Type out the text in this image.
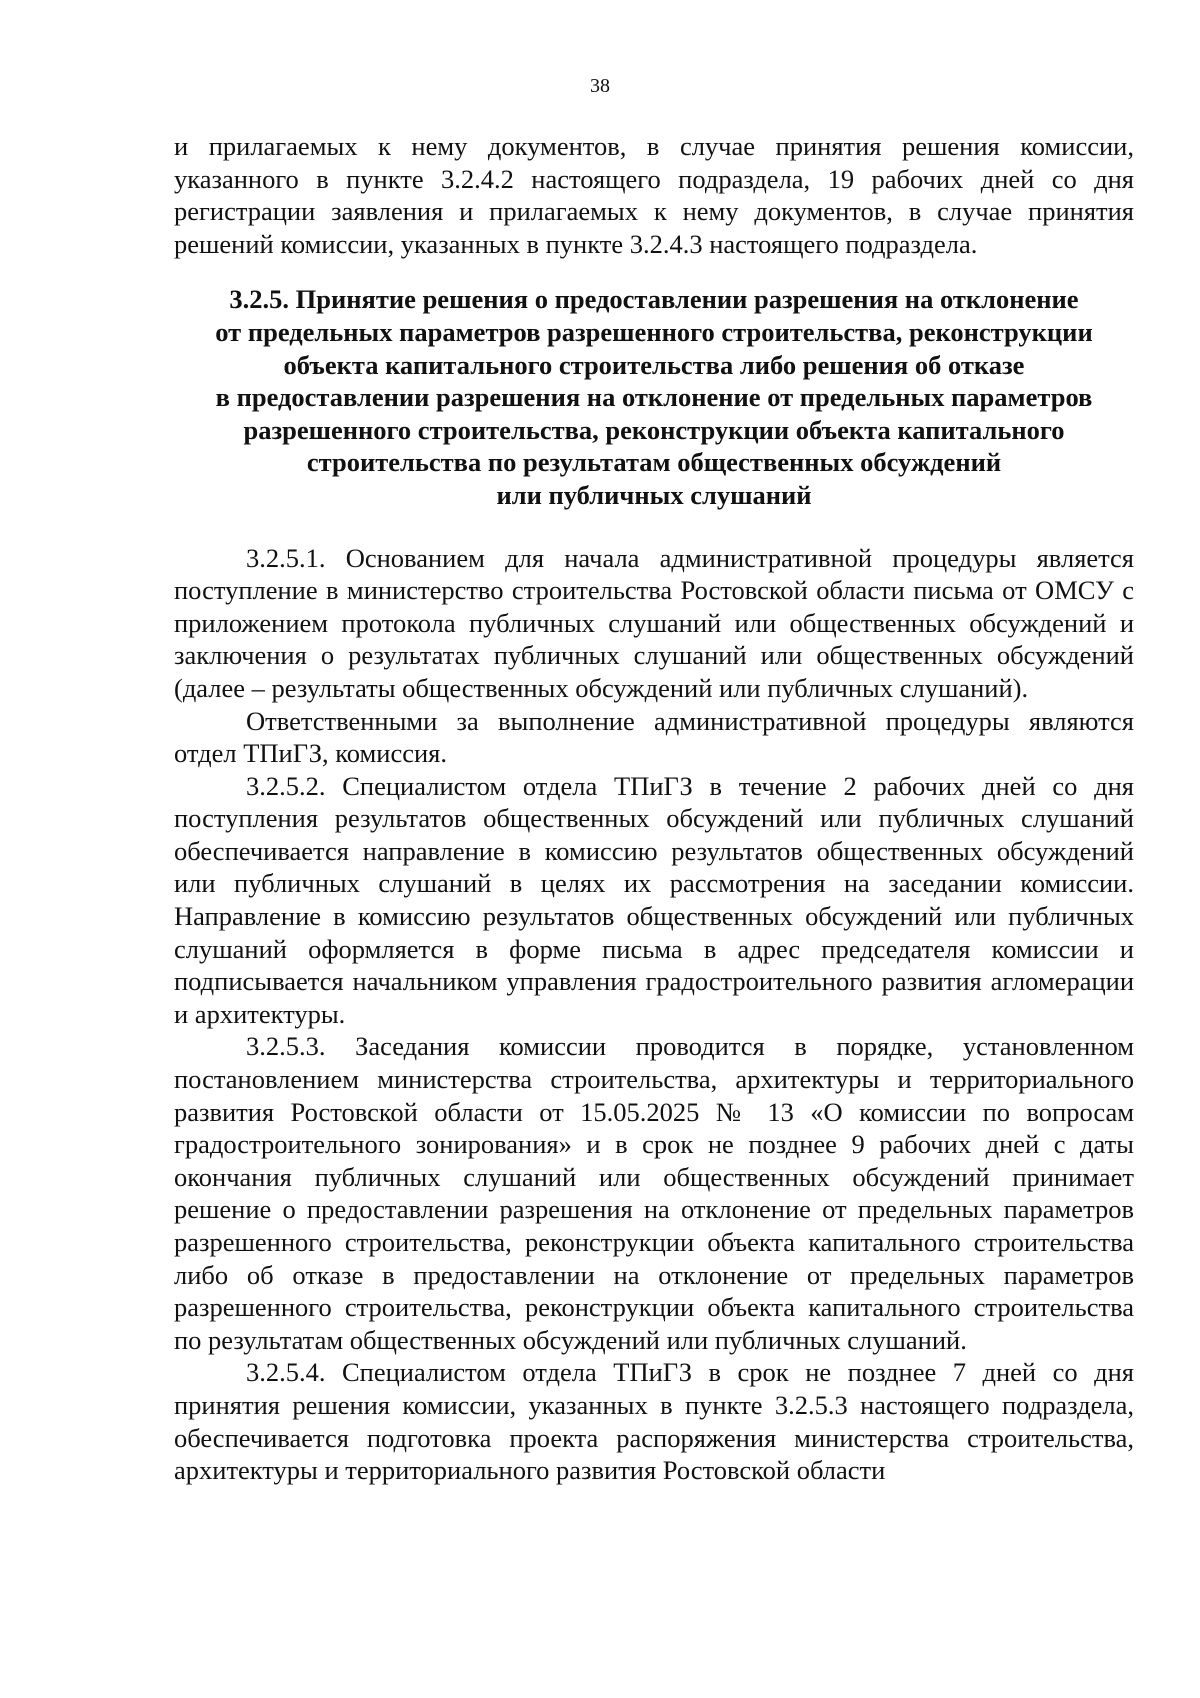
38

и прилагаемых к нему документов, в случае принятия решения комиссии, указанного в пункте 3.2.4.2 настоящего подраздела, 19 рабочих дней со дня регистрации заявления и прилагаемых к нему документов, в случае принятия решений комиссии, указанных в пункте 3.2.4.3 настоящего подраздела.

3.2.5. Принятие решения о предоставлении разрешения на отклонение
от предельных параметров разрешенного строительства, реконструкции
объекта капитального строительства либо решения об отказе
в предоставлении разрешения на отклонение от предельных параметров
разрешенного строительства, реконструкции объекта капитального
строительства по результатам общественных обсуждений
или публичных слушаний

3.2.5.1. Основанием для начала административной процедуры является поступление в министерство строительства Ростовской области письма от ОМСУ с приложением протокола публичных слушаний или общественных обсуждений и заключения о результатах публичных слушаний или общественных обсуждений (далее – результаты общественных обсуждений или публичных слушаний).

Ответственными за выполнение административной процедуры являются отдел ТПиГЗ, комиссия.

3.2.5.2. Специалистом отдела ТПиГЗ в течение 2 рабочих дней со дня поступления результатов общественных обсуждений или публичных слушаний обеспечивается направление в комиссию результатов общественных обсуждений или публичных слушаний в целях их рассмотрения на заседании комиссии. Направление в комиссию результатов общественных обсуждений или публичных слушаний оформляется в форме письма в адрес председателя комиссии и подписывается начальником управления градостроительного развития агломерации и архитектуры.

3.2.5.3. Заседания комиссии проводится в порядке, установленном постановлением министерства строительства, архитектуры и территориального развития Ростовской области от 15.05.2025 № 13 «О комиссии по вопросам градостроительного зонирования» и в срок не позднее 9 рабочих дней с даты окончания публичных слушаний или общественных обсуждений принимает решение о предоставлении разрешения на отклонение от предельных параметров разрешенного строительства, реконструкции объекта капитального строительства либо об отказе в предоставлении на отклонение от предельных параметров разрешенного строительства, реконструкции объекта капитального строительства по результатам общественных обсуждений или публичных слушаний.

3.2.5.4. Специалистом отдела ТПиГЗ в срок не позднее 7 дней со дня принятия решения комиссии, указанных в пункте 3.2.5.3 настоящего подраздела, обеспечивается подготовка проекта распоряжения министерства строительства, архитектуры и территориального развития Ростовской области
